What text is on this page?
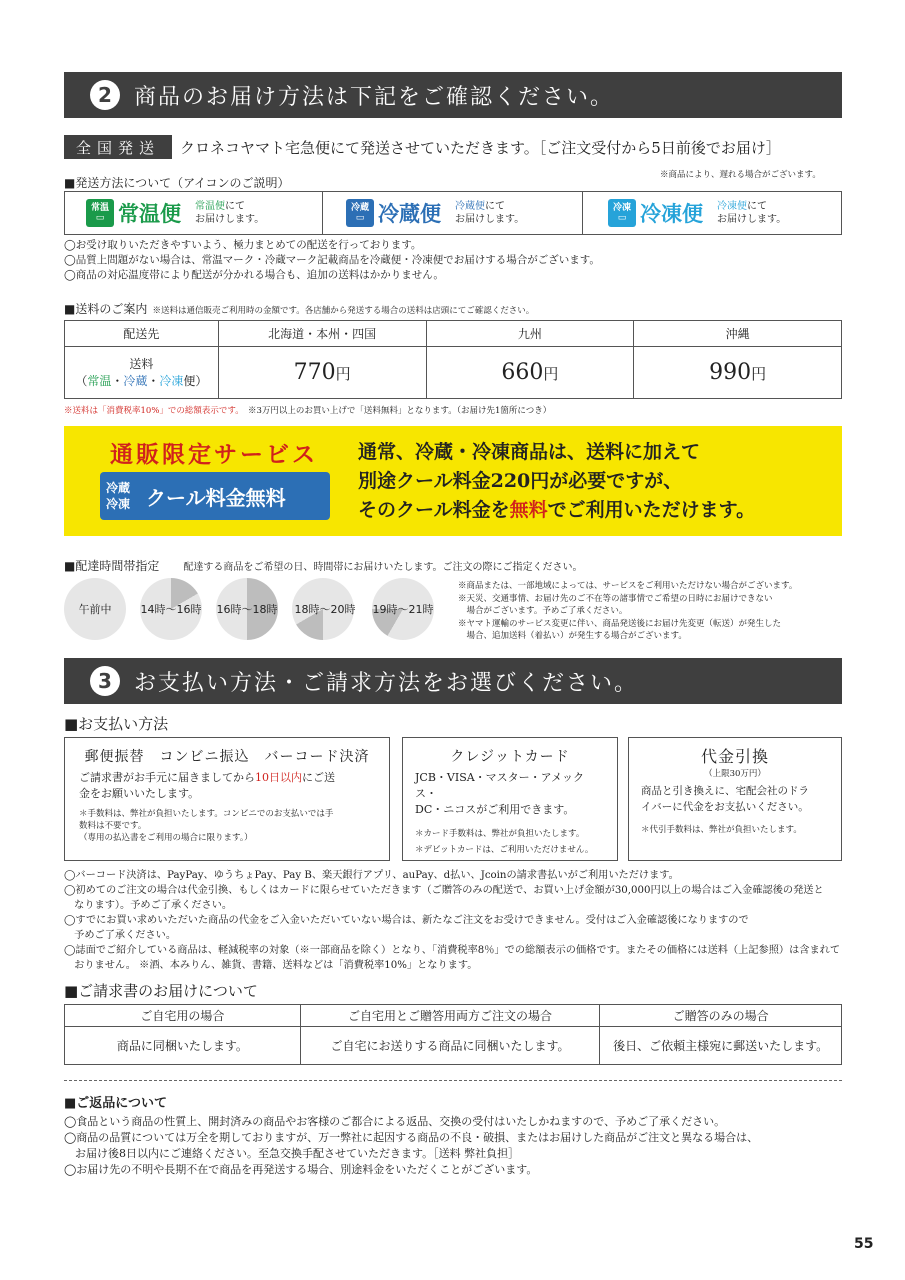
2	商品のお届け方法は下記をご確認ください。
全国発送	クロネコヤマト宅急便にて発送させていただきます。［ご注文受付から5日前後でお届け］
※商品により、遅れる場合がございます。
■発送方法について（アイコンのご説明）
常温
▭ 常温便 常温便にて
お届けします。
冷蔵
▭ 冷蔵便 冷蔵便にて
お届けします。
冷凍
▭ 冷凍便 冷凍便にて
お届けします。
◯お受け取りいただきやすいよう、極力まとめての配送を行っております。
◯品質上問題がない場合は、常温マーク・冷蔵マーク記載商品を冷蔵便・冷凍便でお届けする場合がございます。
◯商品の対応温度帯により配送が分かれる場合も、追加の送料はかかりません。
■送料のご案内 ※送料は通信販売ご利用時の金額です。各店舗から発送する場合の送料は店頭にてご確認ください。
配送先	北海道・本州・四国	九州	沖縄
送料
（常温・冷蔵・冷凍便）	770円	660円	990円
※送料は「消費税率10%」での総額表示です。　 ※3万円以上のお買い上げで「送料無料」となります。（お届け先1箇所につき）
通販限定サービス
冷蔵
冷凍 クール料金無料
通常、冷蔵・冷凍商品は、送料に加えて
別途クール料金220円が必要ですが、
そのクール料金を無料でご利用いただけます。
■配達時間帯指定　　 配達する商品をご希望の日、時間帯にお届けいたします。ご注文の際にご指定ください。
午前中	14時～16時	16時～18時	18時～20時	19時～21時
※商品または、一部地域によっては、サービスをご利用いただけない場合がございます。
※天災、交通事情、お届け先のご不在等の諸事情でご希望の日時にお届けできない
　場合がございます。予めご了承ください。
※ヤマト運輸のサービス変更に伴い、商品発送後にお届け先変更（転送）が発生した
　場合、追加送料（着払い）が発生する場合がございます。
3	お支払い方法・ご請求方法をお選びください。
■お支払い方法
郵便振替　コンビニ振込　バーコード決済

ご請求書がお手元に届きましてから10日以内にご送
金をお願いいたします。

＊手数料は、弊社が負担いたします。コンビニでのお支払いでは手
数料は不要です。
（専用の払込書をご利用の場合に限ります。）
クレジットカード

JCB・VISA・マスター・アメックス・
DC・ニコスがご利用できます。

＊カード手数料は、弊社が負担いたします。
＊デビットカードは、ご利用いただけません。
代金引換
（上限30万円）

商品と引き換えに、宅配会社のドラ
イバーに代金をお支払いください。

＊代引手数料は、弊社が負担いたします。
◯バーコード決済は、PayPay、ゆうちょPay、Pay B、楽天銀行アプリ、auPay、d払い、Jcoinの請求書払いがご利用いただけます。
◯初めてのご注文の場合は代金引換、もしくはカードに限らせていただきます（ご贈答のみの配送で、お買い上げ金額が30,000円以上の場合はご入金確認後の発送と
　なります）。予めご了承ください。
◯すでにお買い求めいただいた商品の代金をご入金いただいていない場合は、新たなご注文をお受けできません。受付はご入金確認後になりますので
　予めご了承ください。
◯誌面でご紹介している商品は、軽減税率の対象（※一部商品を除く）となり、「消費税率8％」での総額表示の価格です。またその価格には送料（上記参照）は含まれて
　おりません。 ※酒、本みりん、雑貨、書籍、送料などは「消費税率10%」となります。
■ご請求書のお届けについて
ご自宅用の場合	ご自宅用とご贈答用両方ご注文の場合	ご贈答のみの場合
商品に同梱いたします。	ご自宅にお送りする商品に同梱いたします。	後日、ご依頼主様宛に郵送いたします。
■ご返品について
◯食品という商品の性質上、開封済みの商品やお客様のご都合による返品、交換の受付はいたしかねますので、予めご了承ください。
◯商品の品質については万全を期しておりますが、万一弊社に起因する商品の不良・破損、またはお届けした商品がご注文と異なる場合は、
　お届け後8日以内にご連絡ください。至急交換手配させていただきます。［送料 弊社負担］
◯お届け先の不明や長期不在で商品を再発送する場合、別途料金をいただくことがございます。
55
